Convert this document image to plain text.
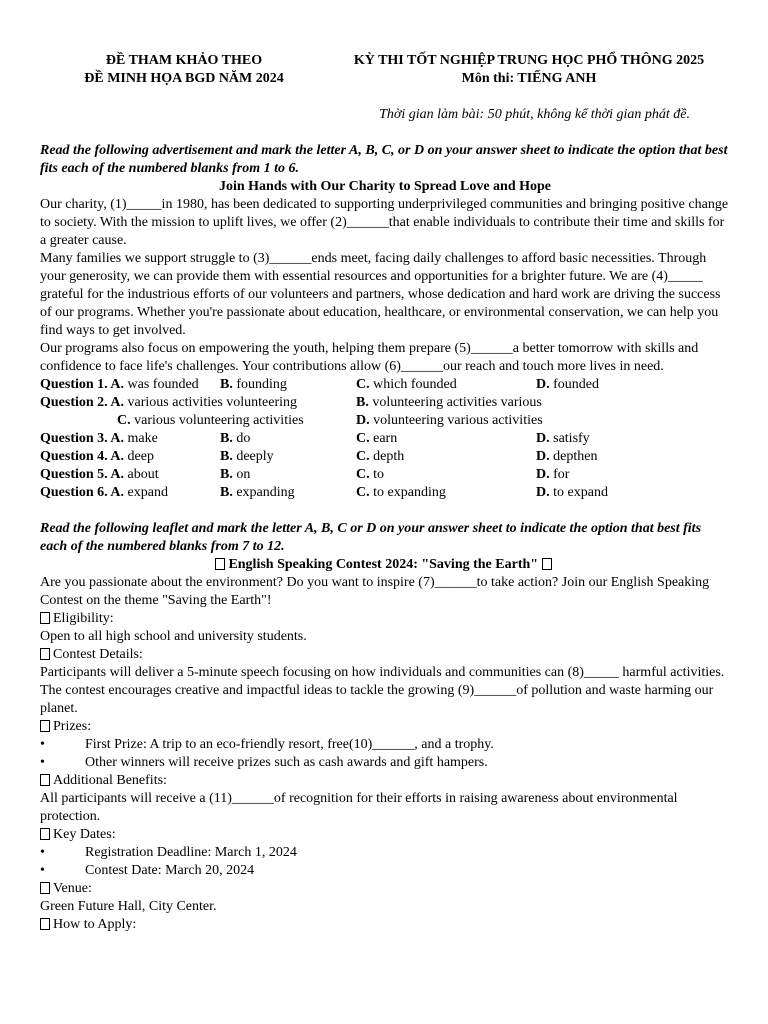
ĐỀ THAM KHẢO THEO
ĐỀ MINH HỌA BGD NĂM 2024
KỲ THI TỐT NGHIỆP TRUNG HỌC PHỔ THÔNG 2025
Môn thi: TIẾNG ANH
Thời gian làm bài: 50 phút, không kể thời gian phát đề.
Read the following advertisement and mark the letter A, B, C, or D on your answer sheet to indicate the option that best fits each of the numbered blanks from 1 to 6.
Join Hands with Our Charity to Spread Love and Hope

Our charity, (1)_____in 1980, has been dedicated to supporting underprivileged communities and bringing positive change to society. With the mission to uplift lives, we offer (2)______that enable individuals to contribute their time and skills for a greater cause.

Many families we support struggle to (3)______ends meet, facing daily challenges to afford basic necessities. Through your generosity, we can provide them with essential resources and opportunities for a brighter future. We are (4)_____ grateful for the industrious efforts of our volunteers and partners, whose dedication and hard work are driving the success of our programs. Whether you're passionate about education, healthcare, or environmental conservation, we can help you find ways to get involved.

Our programs also focus on empowering the youth, helping them prepare (5)______a better tomorrow with skills and confidence to face life's challenges. Your contributions allow (6)______our reach and touch more lives in need.

Question 1. A. was founded	B. founding	C. which founded	D. founded
Question 2. A. various activities volunteering	B. volunteering activities various
C. various volunteering activities	D. volunteering various activities
Question 3. A. make	B. do	C. earn	D. satisfy
Question 4. A. deep	B. deeply	C. depth	D. depthen
Question 5. A. about	B. on	C. to	D. for
Question 6. A. expand	B. expanding	C. to expanding	D. to expand
Read the following leaflet and mark the letter A, B, C or D on your answer sheet to indicate the option that best fits each of the numbered blanks from 7 to 12.
English Speaking Contest 2024: "Saving the Earth"

Are you passionate about the environment? Do you want to inspire (7)______to take action? Join our English Speaking Contest on the theme "Saving the Earth"!

Eligibility:

Open to all high school and university students.

Contest Details:

Participants will deliver a 5-minute speech focusing on how individuals and communities can (8)_____ harmful activities. The contest encourages creative and impactful ideas to tackle the growing (9)______of pollution and waste harming our planet.

Prizes:
•	First Prize: A trip to an eco-friendly resort, free(10)______, and a trophy.
•	Other winners will receive prizes such as cash awards and gift hampers.
Additional Benefits:

All participants will receive a (11)______of recognition for their efforts in raising awareness about environmental protection.

Key Dates:
•	Registration Deadline: March 1, 2024
•	Contest Date: March 20, 2024
Venue:

Green Future Hall, City Center.

How to Apply:
